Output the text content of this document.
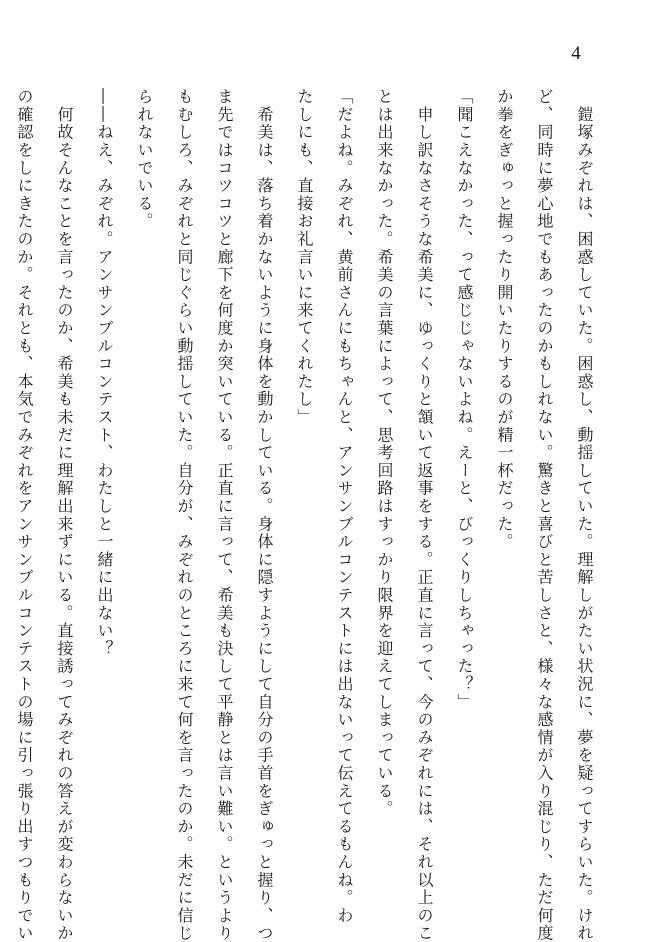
4

　鎧塚みぞれは、困惑していた。困惑し、動揺していた。理解しがたい状況に、夢を疑ってすらいた。けれ

ど、同時に夢心地でもあったのかもしれない。驚きと喜びと苦しさと、様々な感情が入り混じり、ただ何度

か拳をぎゅっと握ったり開いたりするのが精一杯だった。

「聞こえなかった、って感じじゃないよね。えーと、びっくりしちゃった？」

　申し訳なさそうな希美に、ゆっくりと頷いて返事をする。正直に言って、今のみぞれには、それ以上のこ

とは出来なかった。希美の言葉によって、思考回路はすっかり限界を迎えてしまっている。

「だよね。みぞれ、黄前さんにもちゃんと、アンサンブルコンテストには出ないって伝えてるもんね。わ

たしにも、直接お礼言いに来てくれたし」

　希美は、落ち着かないように身体を動かしている。身体に隠すようにして自分の手首をぎゅっと握り、つ

ま先ではコツコツと廊下を何度か突いている。正直に言って、希美も決して平静とは言い難い。というより

もむしろ、みぞれと同じぐらい動揺していた。自分が、みぞれのところに来て何を言ったのか。未だに信じ

られないでいる。

――ねえ、みぞれ。アンサンブルコンテスト、わたしと一緒に出ない？

　何故そんなことを言ったのか、希美も未だに理解出来ずにいる。直接誘ってみぞれの答えが変わらないか

の確認をしにきたのか。それとも、本気でみぞれをアンサンブルコンテストの場に引っ張り出すつもりでい
